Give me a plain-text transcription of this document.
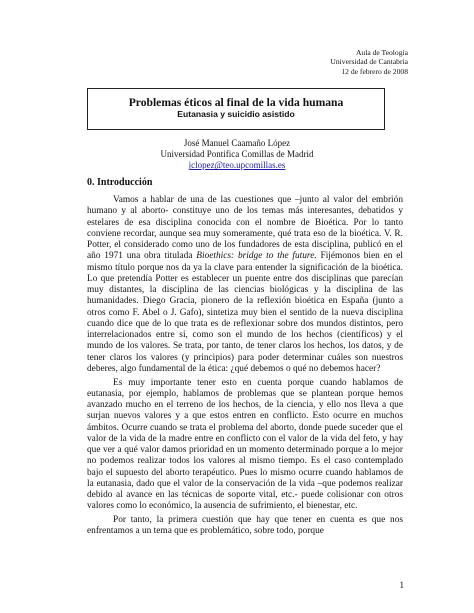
Aula de Teología
Universidad de Cantabria
12 de febrero de 2008
Problemas éticos al final de la vida humana
Eutanasia y suicidio asistido
José Manuel Caamaño López
Universidad Pontifica Comillas de Madrid
jclopez@teo.upcomillas.es
0. Introducción

Vamos a hablar de una de las cuestiones que –junto al valor del embrión humano y al aborto- constituye uno de los temas más interesantes, debatidos y estelares de esa disciplina conocida con el nombre de Bioética. Por lo tanto conviene recordar, aunque sea muy someramente, qué trata eso de la bioética. V. R. Potter, el considerado como uno de los fundadores de esta disciplina, publicó en el año 1971 una obra titulada Bioethics: bridge to the future. Fijémonos bien en el mismo título porque nos da ya la clave para entender la significación de la bioética. Lo que pretendía Potter es establecer un puente entre dos disciplinas que parecían muy distantes, la disciplina de las ciencias biológicas y la disciplina de las humanidades. Diego Gracia, pionero de la reflexión bioética en España (junto a otros como F. Abel o J. Gafo), sintetiza muy bien el sentido de la nueva disciplina cuando dice que de lo que trata es de reflexionar sobre dos mundos distintos, pero interrelacionados entre sí, como son el mundo de los hechos (científicos) y el mundo de los valores. Se trata, por tanto, de tener claros los hechos, los datos, y de tener claros los valores (y principios) para poder determinar cuáles son nuestros deberes, algo fundamental de la ética: ¿qué debemos o qué no debemos hacer?

Es muy importante tener esto en cuenta porque cuando hablamos de eutanasia, por ejemplo, hablamos de problemas que se plantean porque hemos avanzado mucho en el terreno de los hechos, de la ciencia, y ello nos lleva a que surjan nuevos valores y a que estos entren en conflicto. Esto ocurre en muchos ámbitos. Ocurre cuando se trata el problema del aborto, donde puede suceder que el valor de la vida de la madre entre en conflicto con el valor de la vida del feto, y hay que ver a qué valor damos prioridad en un momento determinado porque a lo mejor no podemos realizar todos los valores al mismo tiempo. Es el caso contemplado bajo el supuesto del aborto terapéutico. Pues lo mismo ocurre cuando hablamos de la eutanasia, dado que el valor de la conservación de la vida –que podemos realizar debido al avance en las técnicas de soporte vital, etc.- puede colisionar con otros valores como lo económico, la ausencia de sufrimiento, el bienestar, etc.

Por tanto, la primera cuestión que hay que tener en cuenta es que nos enfrentamos a un tema que es problemático, sobre todo, porque

1
